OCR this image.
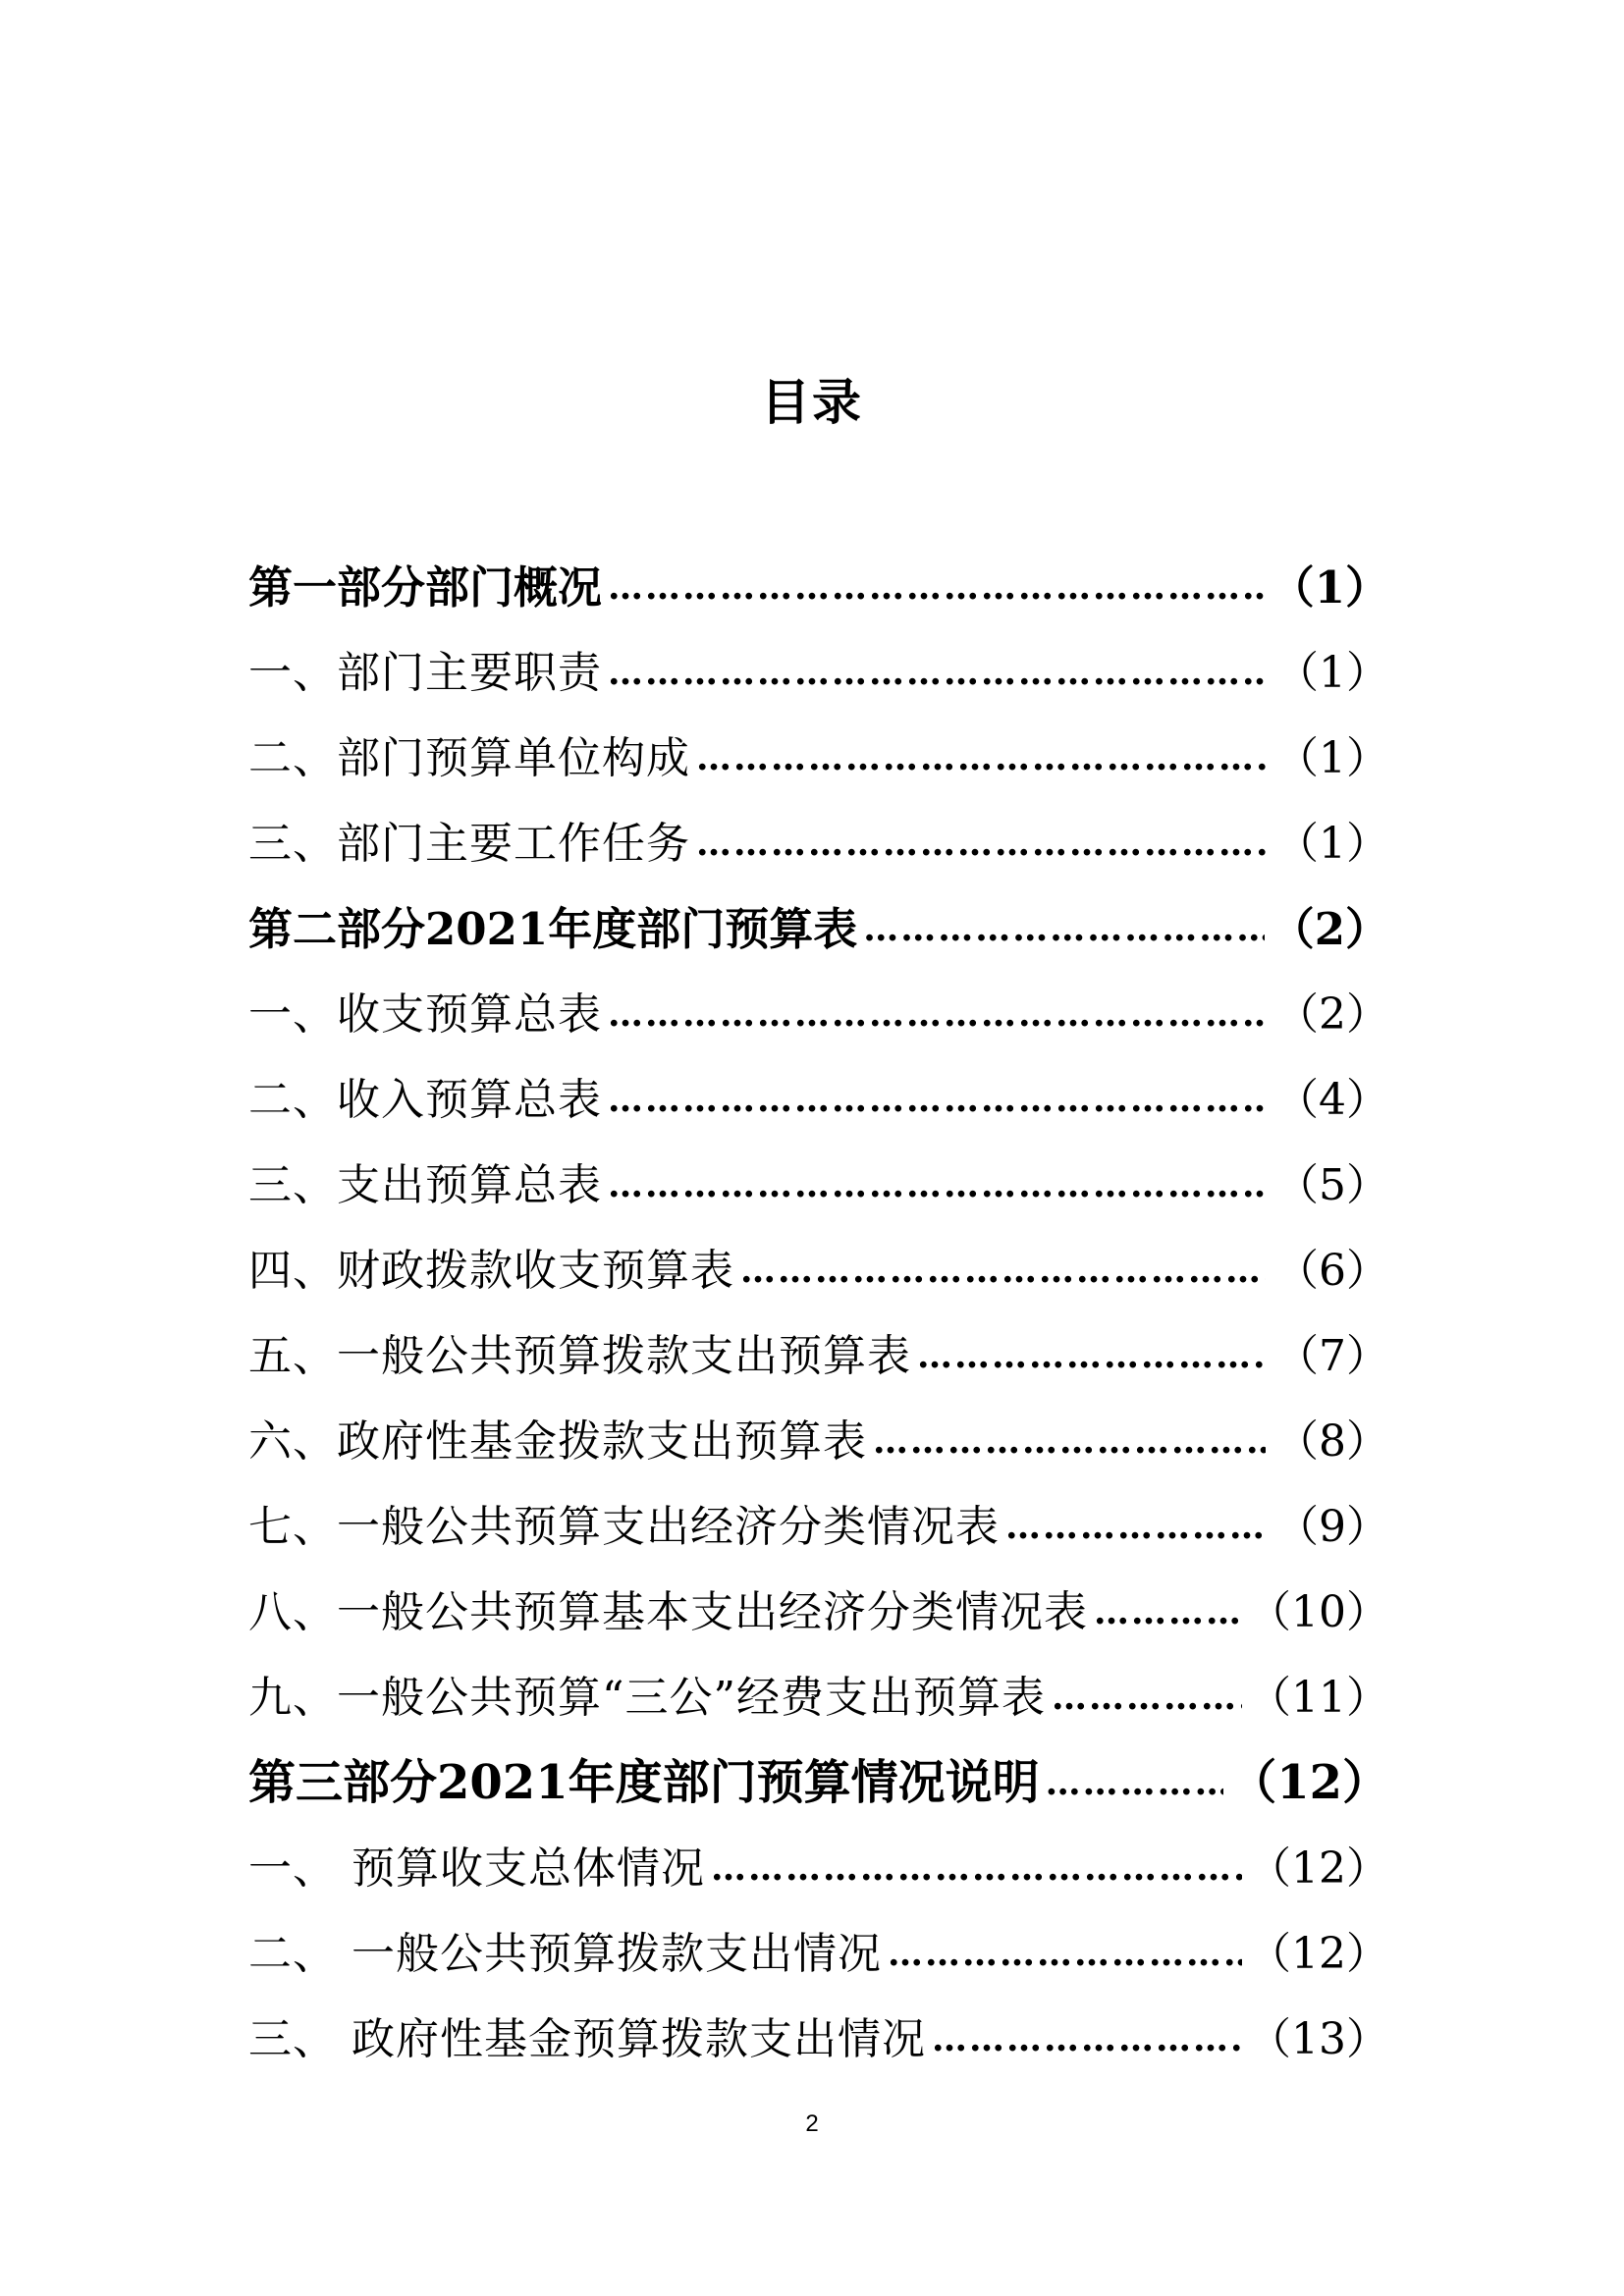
目录
第一部分部门概况 ………………………………………………………………………………	（1）
一、部门主要职责 ………………………………………………………………………………	（1）
二、部门预算单位构成 ………………………………………………………………………………	（1）
三、部门主要工作任务 ………………………………………………………………………………	（1）
第二部分2021年度部门预算表 ………………………………………………………………………………	（2）
一、收支预算总表 ………………………………………………………………………………	（2）
二、收入预算总表 ………………………………………………………………………………	（4）
三、支出预算总表 ………………………………………………………………………………	（5）
四、财政拨款收支预算表 ………………………………………………………………………………	（6）
五、一般公共预算拨款支出预算表 ………………………………………………………………………………	（7）
六、政府性基金拨款支出预算表 ………………………………………………………………………………	（8）
七、一般公共预算支出经济分类情况表 ………………………………………………………………………………	（9）
八、一般公共预算基本支出经济分类情况表 ………………………………………………………………………………	（10）
九、一般公共预算“三公”经费支出预算表 ………………………………………………………………………………	（11）
第三部分2021年度部门预算情况说明 ………………………………………………………………………………	（12）
一、 预算收支总体情况 ………………………………………………………………………………	（12）
二、 一般公共预算拨款支出情况 ………………………………………………………………………………	（12）
三、 政府性基金预算拨款支出情况 ………………………………………………………………………………	（13）
2
